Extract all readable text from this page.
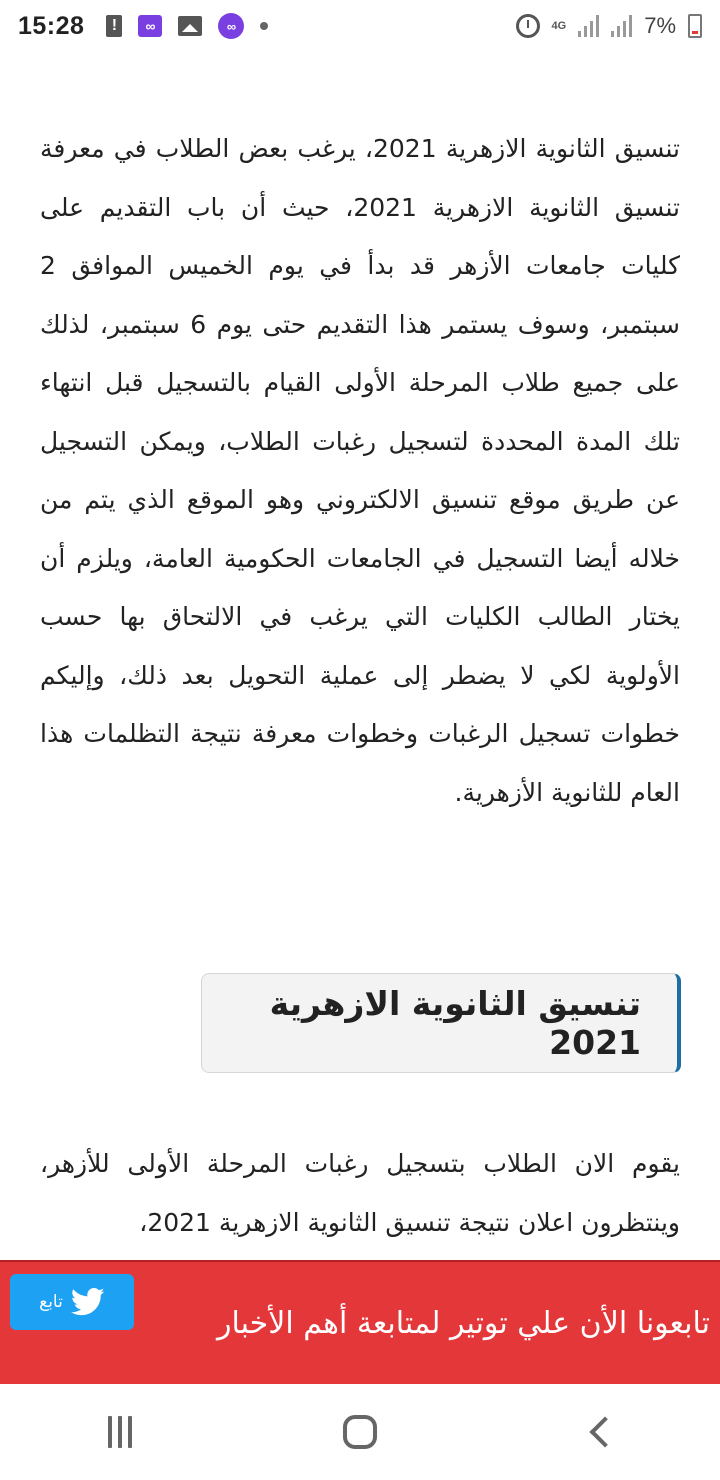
15:28	!	∞	∞	4G	7%

تنسيق الثانوية الازهرية 2021، يرغب بعض الطلاب في معرفة تنسيق الثانوية الازهرية 2021، حيث أن باب التقديم على كليات جامعات الأزهر قد بدأ في يوم الخميس الموافق 2 سبتمبر، وسوف يستمر هذا التقديم حتى يوم 6 سبتمبر، لذلك على جميع طلاب المرحلة الأولى القيام بالتسجيل قبل انتهاء تلك المدة المحددة لتسجيل رغبات الطلاب، ويمكن التسجيل عن طريق موقع تنسيق الالكتروني وهو الموقع الذي يتم من خلاله أيضا التسجيل في الجامعات الحكومية العامة، ويلزم أن يختار الطالب الكليات التي يرغب في الالتحاق بها حسب الأولوية لكي لا يضطر إلى عملية التحويل بعد ذلك، وإليكم خطوات تسجيل الرغبات وخطوات معرفة نتيجة التظلمات هذا العام للثانوية الأزهرية.

تنسيق الثانوية الازهرية 2021

يقوم الان الطلاب بتسجيل رغبات المرحلة الأولى للأزهر، وينتظرون اعلان نتيجة تنسيق الثانوية الازهرية 2021،

تابعونا الأن علي توتير لمتابعة أهم الأخبار
تابع
